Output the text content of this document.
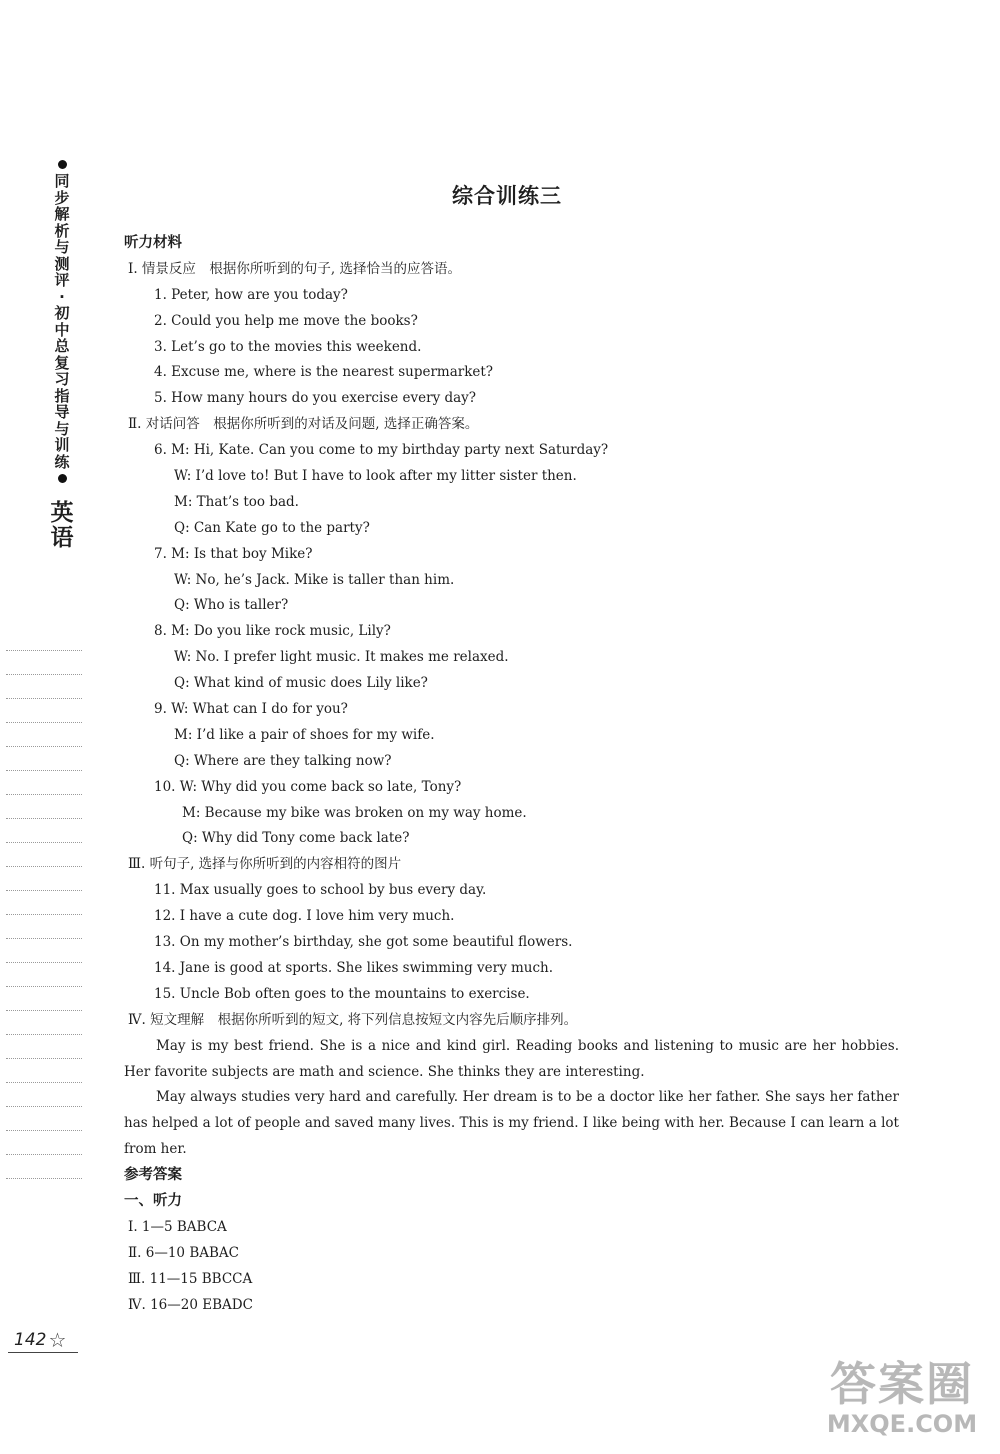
同
步
解
析
与
测
评
·
初
中
总
复
习
指
导
与
训
练
英
语
综合训练三
听力材料
Ⅰ. 情景反应　根据你所听到的句子, 选择恰当的应答语。
1. Peter, how are you today?
2. Could you help me move the books?
3. Let’s go to the movies this weekend.
4. Excuse me, where is the nearest supermarket?
5. How many hours do you exercise every day?
Ⅱ. 对话问答　根据你所听到的对话及问题, 选择正确答案。
6. M: Hi, Kate. Can you come to my birthday party next Saturday?
W: I’d love to! But I have to look after my litter sister then.
M: That’s too bad.
Q: Can Kate go to the party?
7. M: Is that boy Mike?
W: No, he’s Jack. Mike is taller than him.
Q: Who is taller?
8. M: Do you like rock music, Lily?
W: No. I prefer light music. It makes me relaxed.
Q: What kind of music does Lily like?
9. W: What can I do for you?
M: I’d like a pair of shoes for my wife.
Q: Where are they talking now?
10. W: Why did you come back so late, Tony?
M: Because my bike was broken on my way home.
Q: Why did Tony come back late?
Ⅲ. 听句子, 选择与你所听到的内容相符的图片
11. Max usually goes to school by bus every day.
12. I have a cute dog. I love him very much.
13. On my mother’s birthday, she got some beautiful flowers.
14. Jane is good at sports. She likes swimming very much.
15. Uncle Bob often goes to the mountains to exercise.
Ⅳ. 短文理解　根据你所听到的短文, 将下列信息按短文内容先后顺序排列。

May is my best friend. She is a nice and kind girl. Reading books and listening to music are her hobbies. Her favorite subjects are math and science. She thinks they are interesting.

May always studies very hard and carefully. Her dream is to be a doctor like her father. She says her father has helped a lot of people and saved many lives. This is my friend. I like being with her. Because I can learn a lot from her.

参考答案
一、听力
Ⅰ. 1—5 BABCA
Ⅱ. 6—10 BABAC
Ⅲ. 11—15 BBCCA
Ⅳ. 16—20 EBADC
142 ☆
答案圈
MXQE.COM
